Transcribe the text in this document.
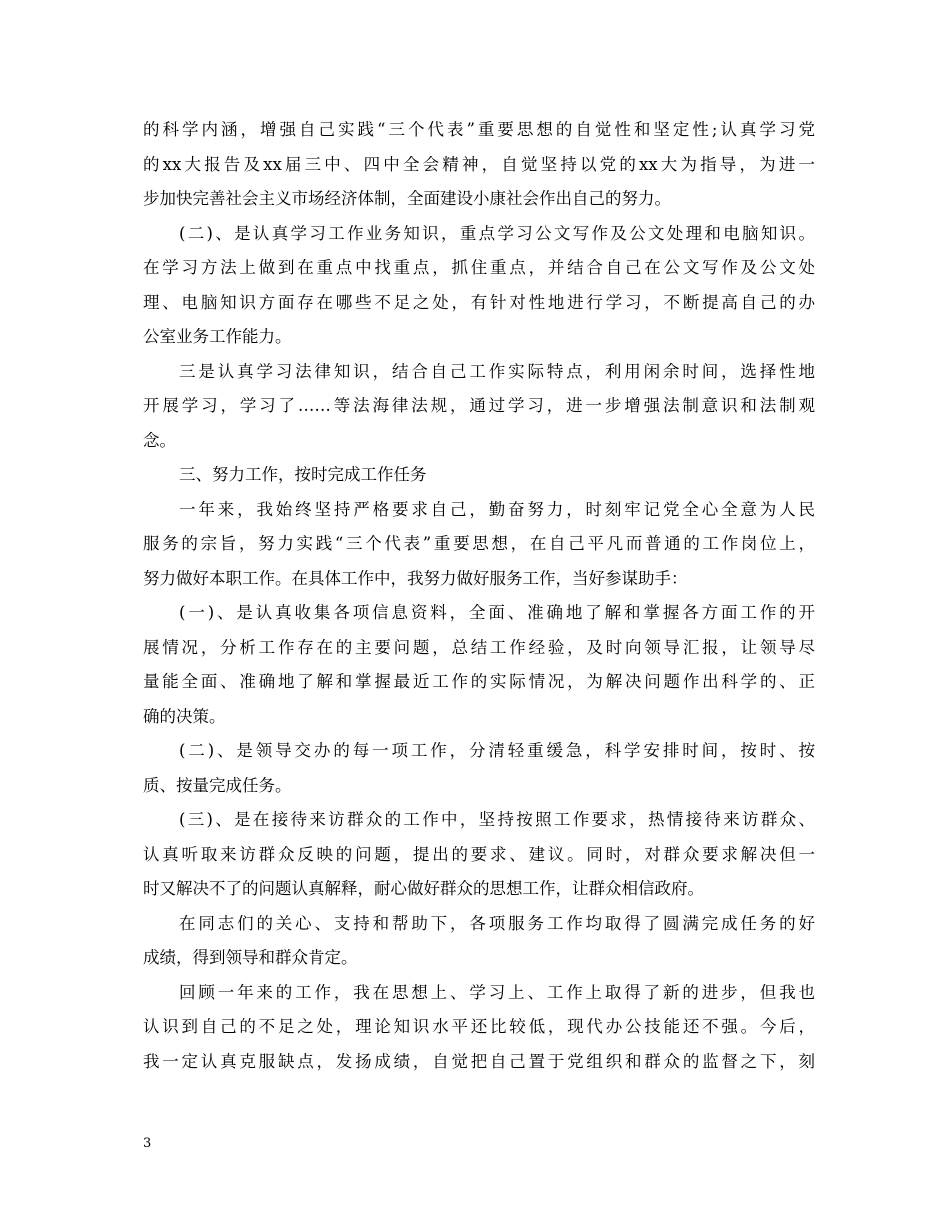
的科学内涵，增强自己实践“三个代表”重要思想的自觉性和坚定性;认真学习党
的xx大报告及xx届三中、四中全会精神，自觉坚持以党的xx大为指导，为进一
步加快完善社会主义市场经济体制，全面建设小康社会作出自己的努力。
(二)、是认真学习工作业务知识，重点学习公文写作及公文处理和电脑知识。
在学习方法上做到在重点中找重点，抓住重点，并结合自己在公文写作及公文处
理、电脑知识方面存在哪些不足之处，有针对性地进行学习，不断提高自己的办
公室业务工作能力。
三是认真学习法律知识，结合自己工作实际特点，利用闲余时间，选择性地
开展学习，学习了……等法海律法规，通过学习，进一步增强法制意识和法制观
念。
三、努力工作，按时完成工作任务
一年来，我始终坚持严格要求自己，勤奋努力，时刻牢记党全心全意为人民
服务的宗旨，努力实践“三个代表”重要思想，在自己平凡而普通的工作岗位上，
努力做好本职工作。在具体工作中，我努力做好服务工作，当好参谋助手：
(一)、是认真收集各项信息资料，全面、准确地了解和掌握各方面工作的开
展情况，分析工作存在的主要问题，总结工作经验，及时向领导汇报，让领导尽
量能全面、准确地了解和掌握最近工作的实际情况，为解决问题作出科学的、正
确的决策。
(二)、是领导交办的每一项工作，分清轻重缓急，科学安排时间，按时、按
质、按量完成任务。
(三)、是在接待来访群众的工作中，坚持按照工作要求，热情接待来访群众、
认真听取来访群众反映的问题，提出的要求、建议。同时，对群众要求解决但一
时又解决不了的问题认真解释，耐心做好群众的思想工作，让群众相信政府。
在同志们的关心、支持和帮助下，各项服务工作均取得了圆满完成任务的好
成绩，得到领导和群众肯定。
回顾一年来的工作，我在思想上、学习上、工作上取得了新的进步，但我也
认识到自己的不足之处，理论知识水平还比较低，现代办公技能还不强。今后，
我一定认真克服缺点，发扬成绩，自觉把自己置于党组织和群众的监督之下，刻
3
